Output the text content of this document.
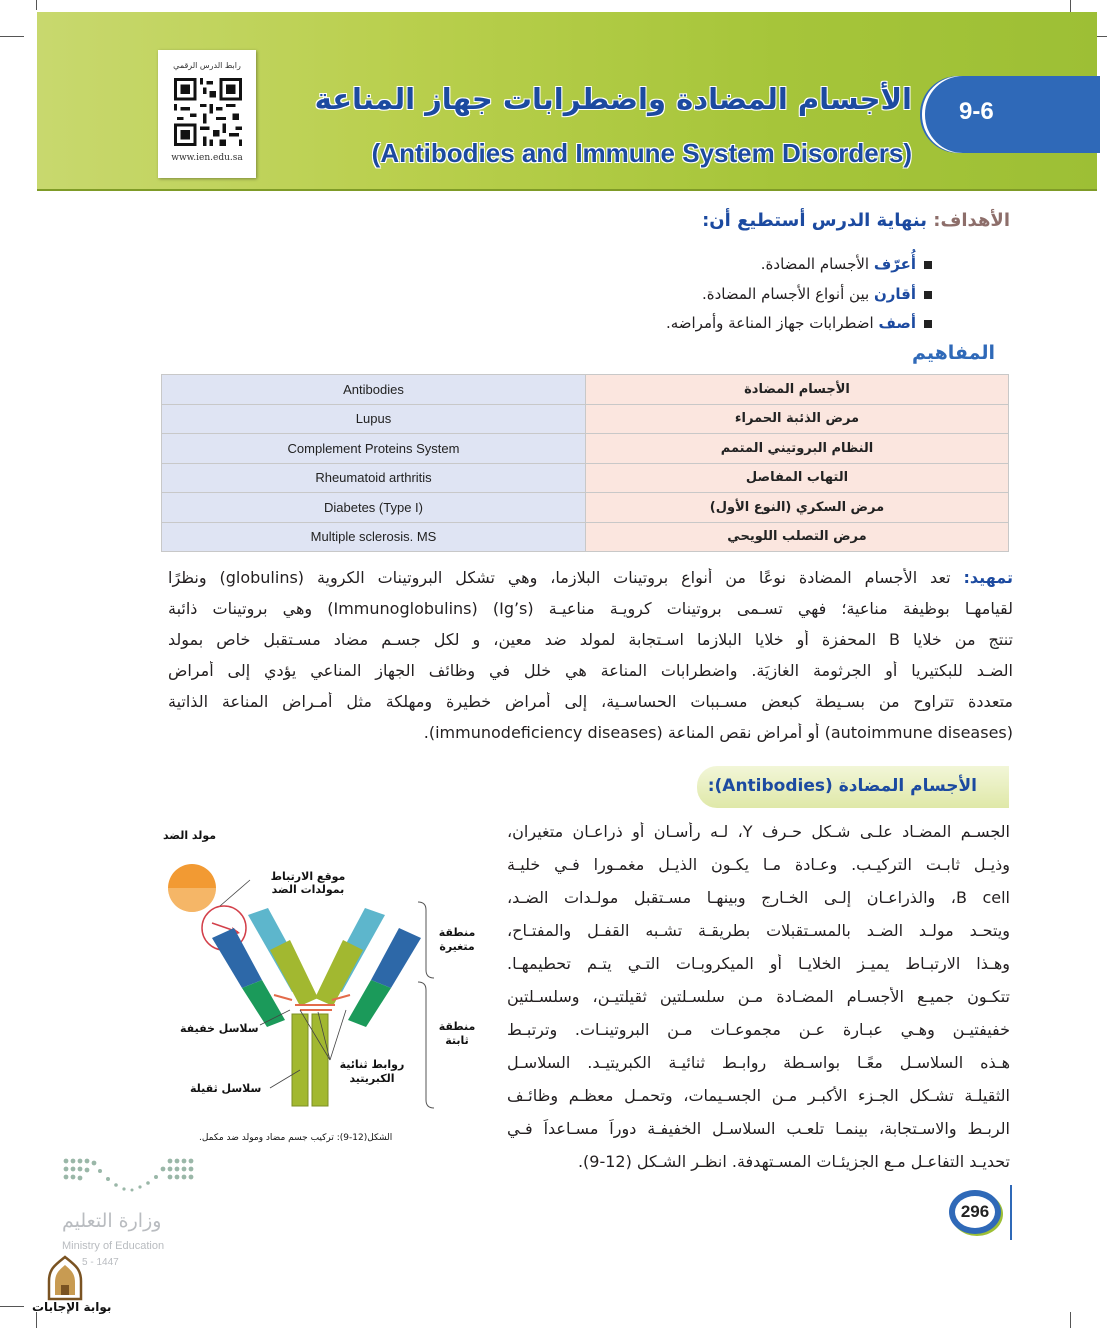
رابط الدرس الرقمي
www.ien.edu.sa
الأجسام المضادة واضطرابات جهاز المناعة
(Antibodies and Immune System Disorders)
9-6
الأهداف: بنهاية الدرس أستطيع أن:
أُعرّف الأجسام المضادة.
أقارن بين أنواع الأجسام المضادة.
أصف اضطرابات جهاز المناعة وأمراضه.
المفاهيم
Antibodies	الأجسام المضادة
Lupus	مرض الذئبة الحمراء
Complement Proteins System	النظام البروتيني المتمم
Rheumatoid arthritis	التهاب المفاصل
Diabetes (Type I)	مرض السكري (النوع الأول)
Multiple sclerosis. MS	مرض التصلب اللويحي
تمهيد: تعد الأجسام المضادة نوعًا من أنواع بروتينات البلازما، وهي تشكل البروتينات الكروية (globulins) ونظرًا
لقيامهـا بوظيفة مناعية؛ فهي تسـمى بروتينات كرويـة مناعيـة (Ig’s) (Immunoglobulins) وهي بروتينات ذائبة
تنتج من خلايا B المحفزة أو خلايا البلازما اسـتجابة لمولد ضد معين، و لكل جسـم مضاد مسـتقبل خاص بمولد
الضـد للبكتيريا أو الجرثومة الغازيَة. واضطرابات المناعة هي خلل في وظائف الجهاز المناعي يؤدي إلى أمراض
متعددة تتراوح من بسـيطة كبعض مسـببات الحساسـية، إلى أمراض خطيرة ومهلكة مثل أمـراض المناعة الذاتية
(autoimmune diseases) أو أمراض نقص المناعة (immunodeficiency diseases).
الأجسام المضادة (Antibodies):
الجسـم المضـاد علـى شـكل حـرف Y، لـه رأسـان أو ذراعـان متغيران،
وذيـل ثابـت التركيـب. وعـادة مـا يكـون الذيـل مغمـورا فـي خليـة
B cell، والذراعـان إلـى الخـارج وبينهـا مسـتقبل مولـدات الضـد،
ويتحـد مولـد الضـد بالمسـتقبلات بطريقـة تشـبه القفـل والمفتـاح،
وهـذا الارتبـاط يميـز الخلايـا أو الميكروبـات التـي يتـم تحطيمهـا.
تتكـون جميـع الأجسـام المضـادة مـن سلسـلتين ثقيلتيـن، وسلسـلتين
خفيفتيـن وهـي عبـارة عـن مجموعـات مـن البروتينـات. وترتبـط
هـذه السلاسـل معًـا بواسـطة روابـط ثنائيـة الكبريتيـد. السلاسـل
الثقيلـة تشـكل الجـزء الأكبـر مـن الجسـيمات، وتحمـل معظـم وظائـف
الربـط والاسـتجابة، بينمـا تلعـب السلاسـل الخفيفـة دوراً مسـاعداً فـي
تحديـد التفاعـل مـع الجزيئـات المسـتهدفة. انظـر الشـكل (12-9).
مولد الضد
موقع الارتباط بمولدات الضد
منطقة متغيرة
منطقة ثابتة
سلاسل خفيفة
روابط ثنائية الكبريتيد
سلاسل ثقيلة
الشكل(12-9): تركيب جسم مضاد ومولد ضد مكمل.
وزارة التعليم
Ministry of Education
5 - 1447
بوابة الإجابات
296
